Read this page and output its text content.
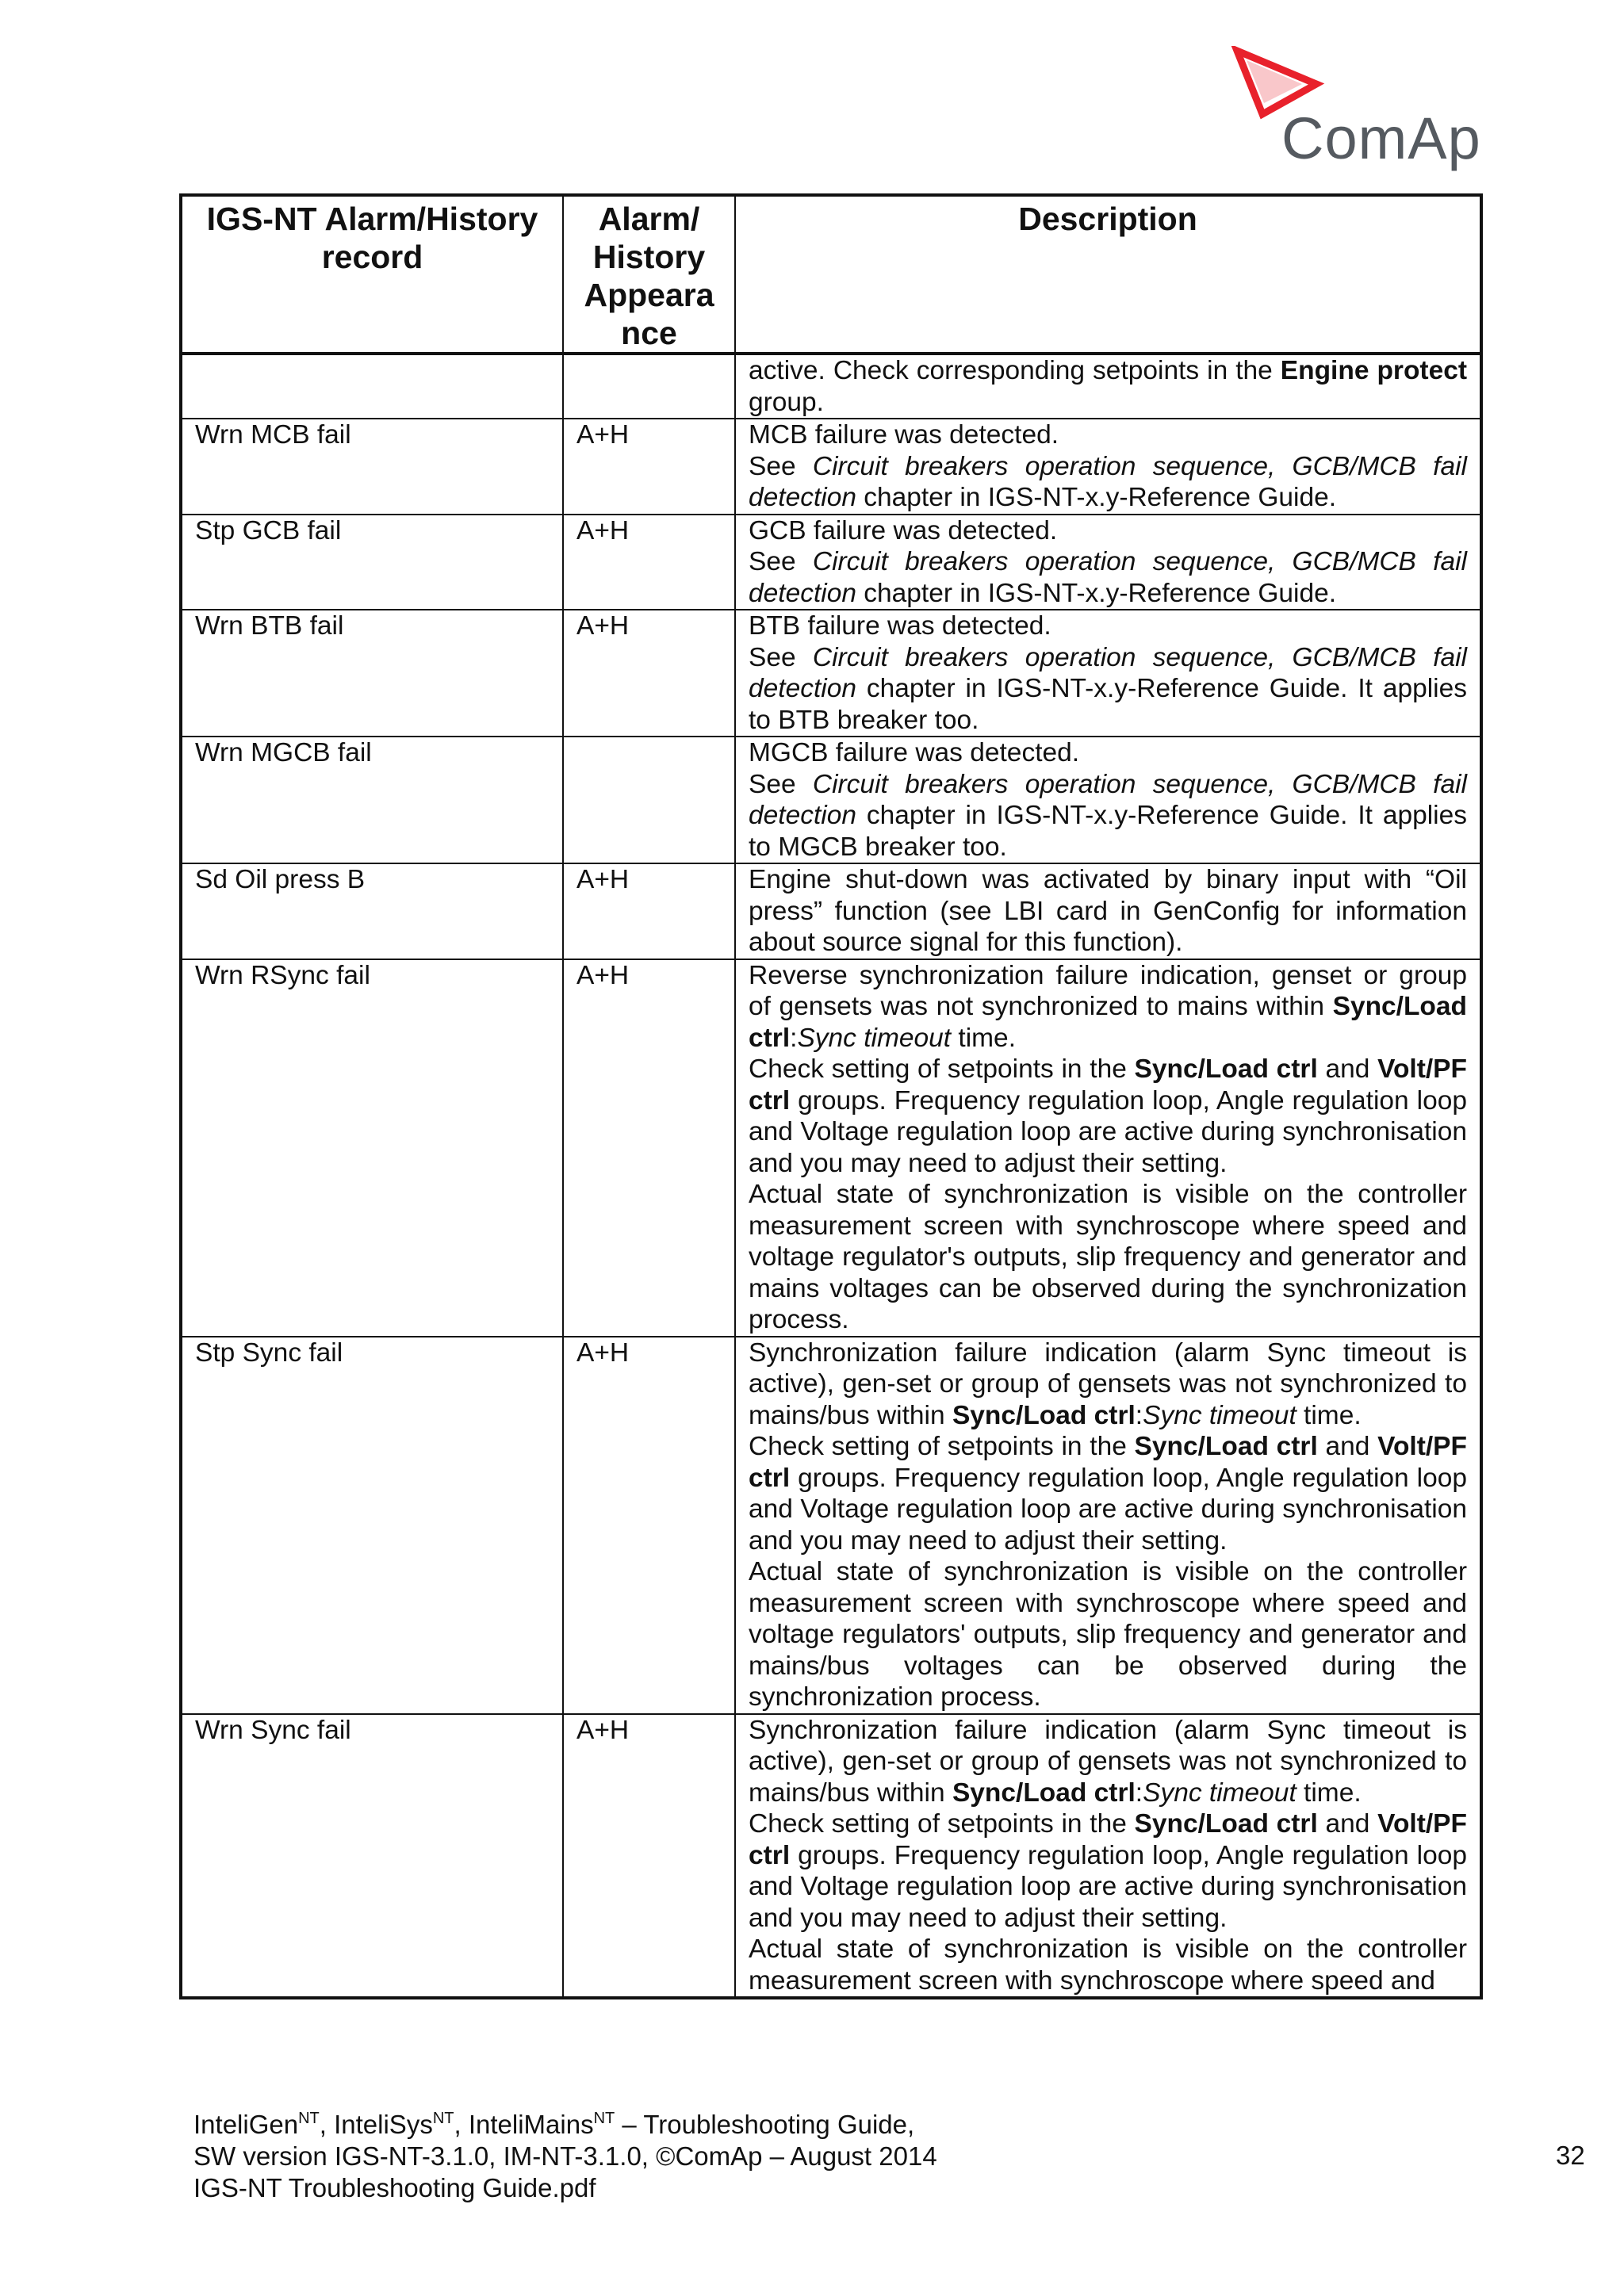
ComAp
IGS-NT Alarm/History record	Alarm/ History Appeara nce	Description
		active. Check corresponding setpoints in the Engine protect group.
Wrn MCB fail	A+H	MCB failure was detected.

See Circuit breakers operation sequence, GCB/MCB fail detection chapter in IGS-NT-x.y-Reference Guide.

Stp GCB fail	A+H	GCB failure was detected.

See Circuit breakers operation sequence, GCB/MCB fail detection chapter in IGS-NT-x.y-Reference Guide.

Wrn BTB fail	A+H	BTB failure was detected.

See Circuit breakers operation sequence, GCB/MCB fail detection chapter in IGS-NT-x.y-Reference Guide. It applies to BTB breaker too.

Wrn MGCB fail		MGCB failure was detected.

See Circuit breakers operation sequence, GCB/MCB fail detection chapter in IGS-NT-x.y-Reference Guide. It applies to MGCB breaker too.

Sd Oil press B	A+H	Engine shut-down was activated by binary input with “Oil press” function (see LBI card in GenConfig for information about source signal for this function).
Wrn RSync fail	A+H	Reverse synchronization failure indication, genset or group of gensets was not synchronized to mains within Sync/Load ctrl:Sync timeout time.

Check setting of setpoints in the Sync/Load ctrl and Volt/PF ctrl groups. Frequency regulation loop, Angle regulation loop and Voltage regulation loop are active during synchronisation and you may need to adjust their setting.

Actual state of synchronization is visible on the controller measurement screen with synchroscope where speed and voltage regulator's outputs, slip frequency and generator and mains voltages can be observed during the synchronization process.

Stp Sync fail	A+H	Synchronization failure indication (alarm Sync timeout is active), gen-set or group of gensets was not synchronized to mains/bus within Sync/Load ctrl:Sync timeout time.

Check setting of setpoints in the Sync/Load ctrl and Volt/PF ctrl groups. Frequency regulation loop, Angle regulation loop and Voltage regulation loop are active during synchronisation and you may need to adjust their setting.

Actual state of synchronization is visible on the controller measurement screen with synchroscope where speed and voltage regulators' outputs, slip frequency and generator and mains/bus voltages can be observed during the synchronization process.

Wrn Sync fail	A+H	Synchronization failure indication (alarm Sync timeout is active), gen-set or group of gensets was not synchronized to mains/bus within Sync/Load ctrl:Sync timeout time.

Check setting of setpoints in the Sync/Load ctrl and Volt/PF ctrl groups. Frequency regulation loop, Angle regulation loop and Voltage regulation loop are active during synchronisation and you may need to adjust their setting.

Actual state of synchronization is visible on the controller measurement screen with synchroscope where speed and

InteliGen$^{NT}$, InteliSys$^{NT}$, InteliMains$^{NT}$ – Troubleshooting Guide,
SW version IGS-NT-3.1.0, IM-NT-3.1.0, ©ComAp – August 2014
IGS-NT Troubleshooting Guide.pdf
32
